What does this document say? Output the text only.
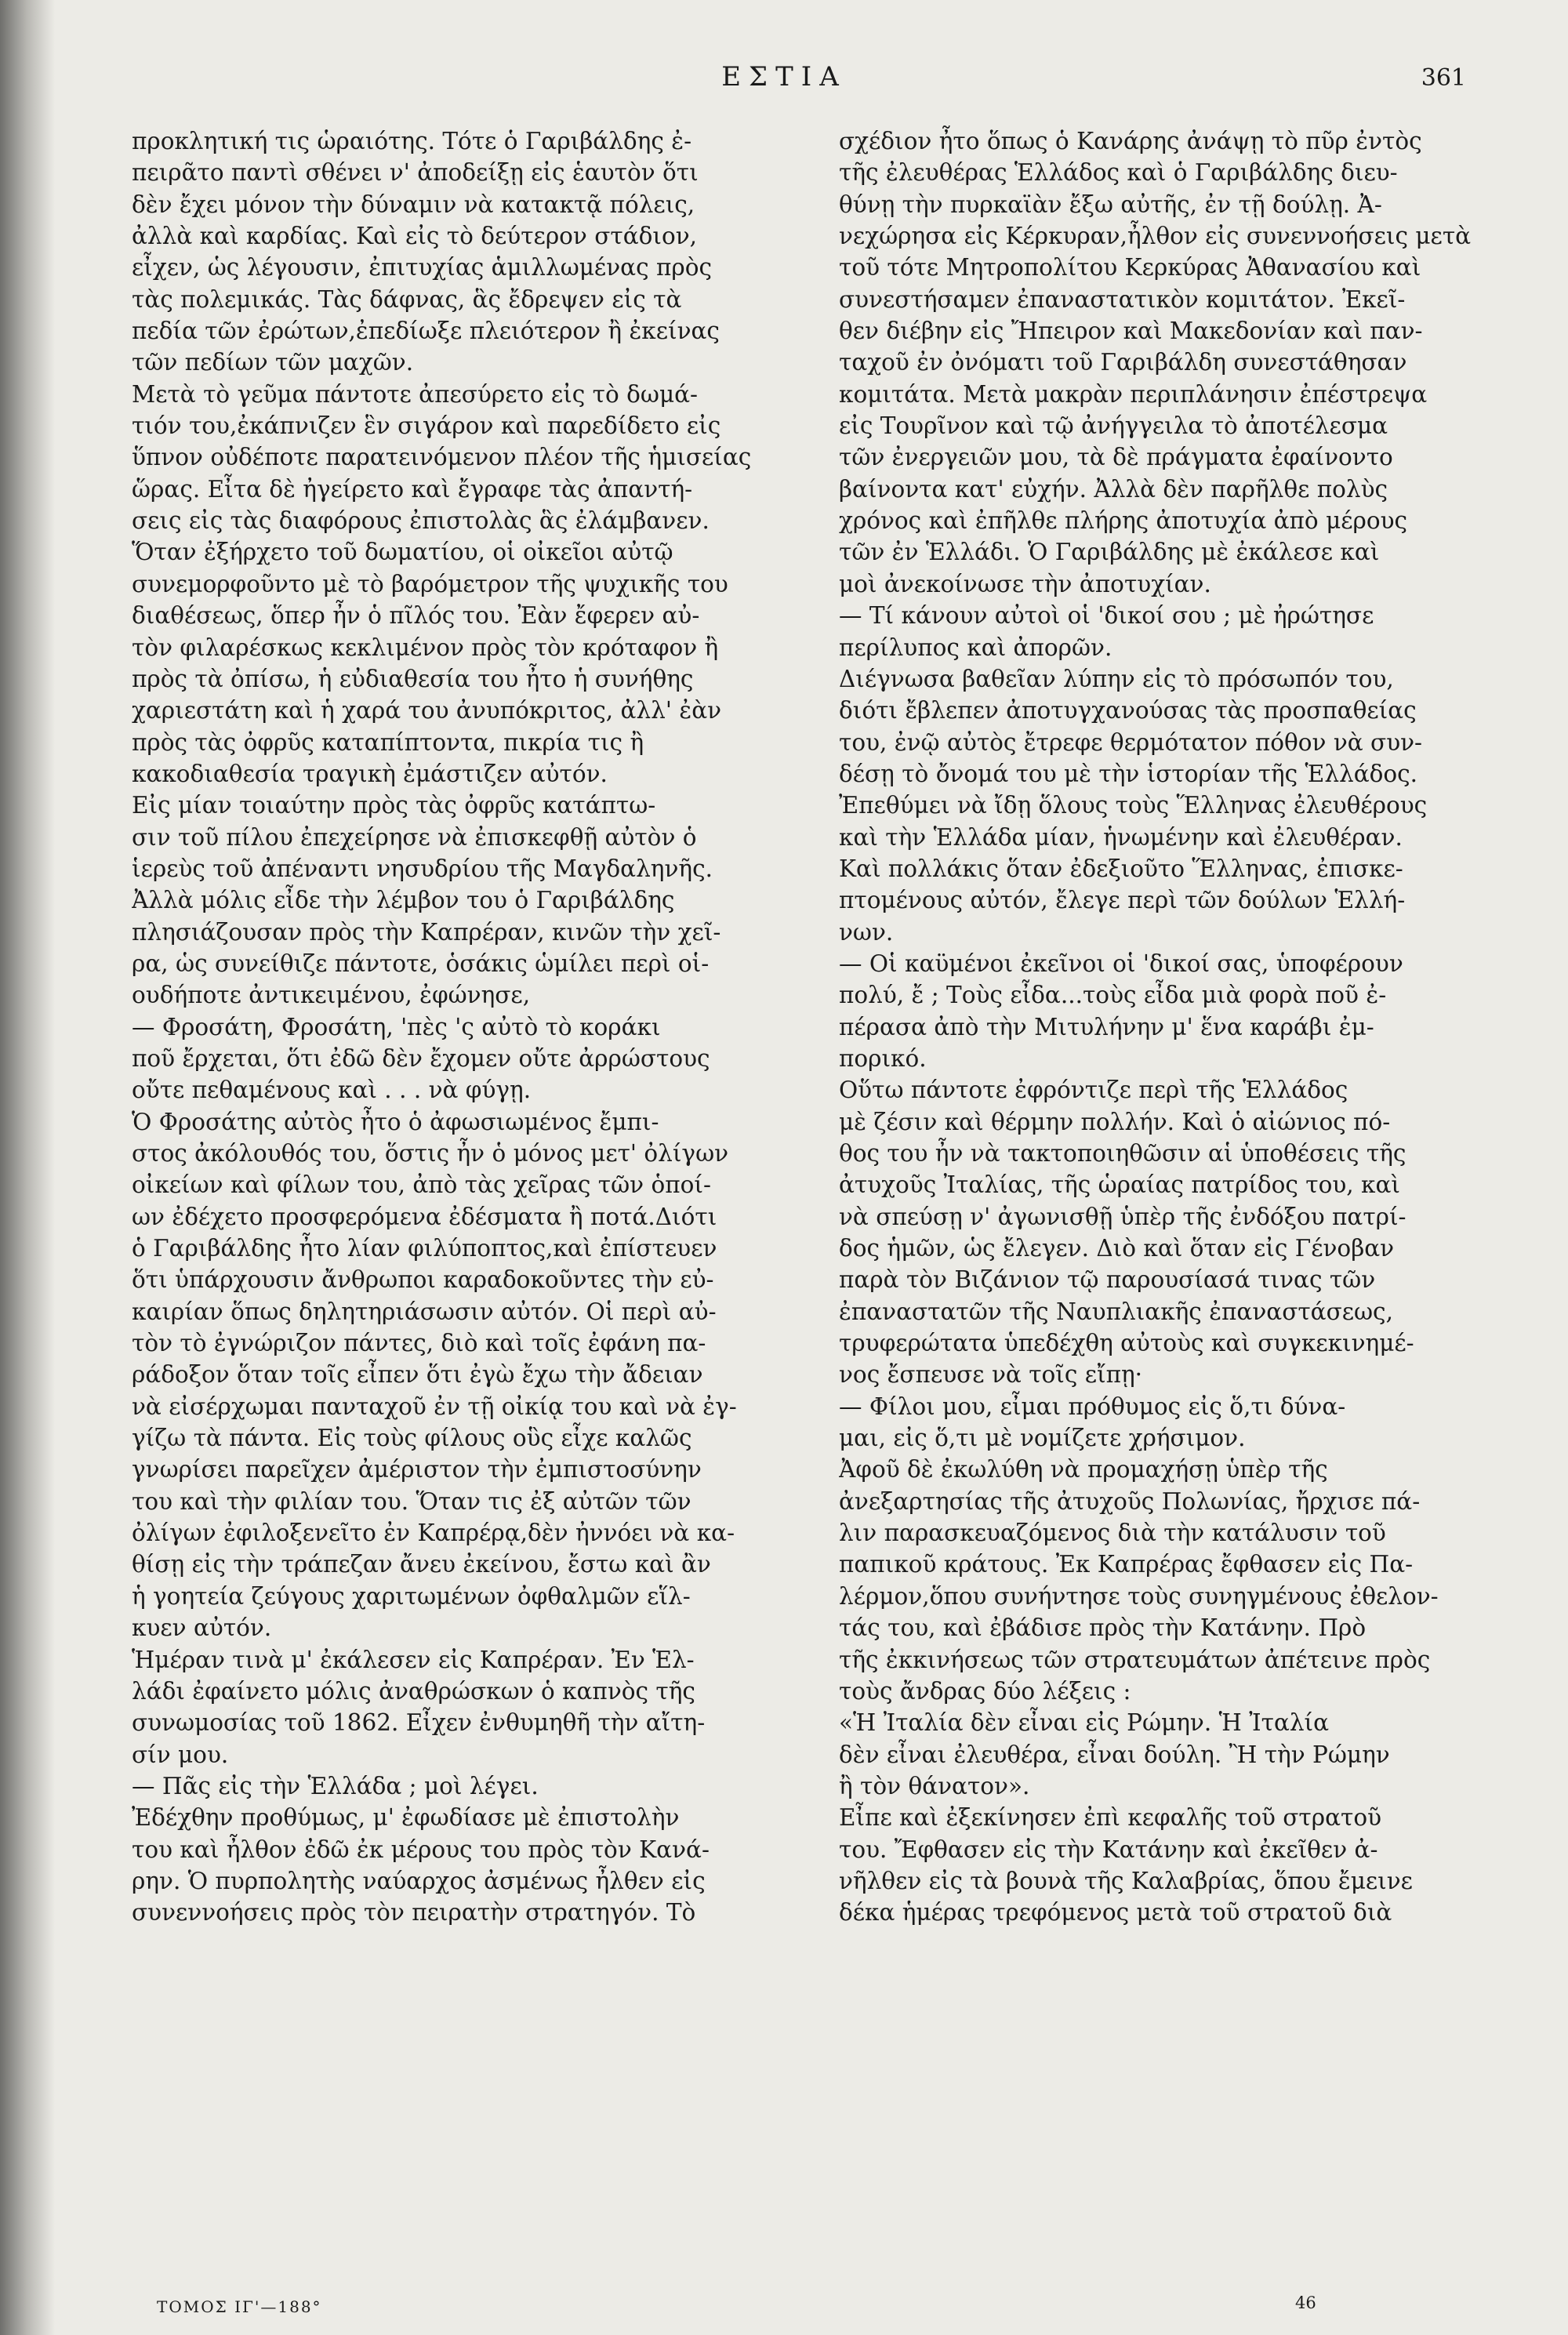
ΕΣΤΙΑ	361
προκλητική τις ὡραιότης. Τότε ὁ Γαριβάλδης ἐ-
πειρᾶτο παντὶ σθένει ν' ἀποδείξῃ εἰς ἑαυτὸν ὅτι
δὲν ἔχει μόνον τὴν δύναμιν νὰ κατακτᾷ πόλεις,
ἀλλὰ καὶ καρδίας. Καὶ εἰς τὸ δεύτερον στάδιον,
εἶχεν, ὡς λέγουσιν, ἐπιτυχίας ἁμιλλωμένας πρὸς
τὰς πολεμικάς. Τὰς δάφνας, ἃς ἔδρεψεν εἰς τὰ
πεδία τῶν ἐρώτων,ἐπεδίωξε πλειότερον ἢ ἐκείνας
τῶν πεδίων τῶν μαχῶν.
Μετὰ τὸ γεῦμα πάντοτε ἀπεσύρετο εἰς τὸ δωμά-
τιόν του,ἐκάπνιζεν ἓν σιγάρον καὶ παρεδίδετο εἰς
ὕπνον οὐδέποτε παρατεινόμενον πλέον τῆς ἡμισείας
ὥρας. Εἶτα δὲ ἠγείρετο καὶ ἔγραφε τὰς ἀπαντή-
σεις εἰς τὰς διαφόρους ἐπιστολὰς ἃς ἐλάμβανεν.
Ὅταν ἐξήρχετο τοῦ δωματίου, οἱ οἰκεῖοι αὐτῷ
συνεμορφοῦντο μὲ τὸ βαρόμετρον τῆς ψυχικῆς του
διαθέσεως, ὅπερ ἦν ὁ πῖλός του. Ἐὰν ἔφερεν αὐ-
τὸν φιλαρέσκως κεκλιμένον πρὸς τὸν κρόταφον ἢ
πρὸς τὰ ὀπίσω, ἡ εὐδιαθεσία του ἦτο ἡ συνήθης
χαριεστάτη καὶ ἡ χαρά του ἀνυπόκριτος, ἀλλ' ἐὰν
πρὸς τὰς ὀφρῦς καταπίπτοντα, πικρία τις ἢ
κακοδιαθεσία τραγικὴ ἐμάστιζεν αὐτόν.
Εἰς μίαν τοιαύτην πρὸς τὰς ὀφρῦς κατάπτω-
σιν τοῦ πίλου ἐπεχείρησε νὰ ἐπισκεφθῇ αὐτὸν ὁ
ἱερεὺς τοῦ ἀπέναντι νησυδρίου τῆς Μαγδαληνῆς.
Ἀλλὰ μόλις εἶδε τὴν λέμβον του ὁ Γαριβάλδης
πλησιάζουσαν πρὸς τὴν Καπρέραν, κινῶν τὴν χεῖ-
ρα, ὡς συνείθιζε πάντοτε, ὁσάκις ὡμίλει περὶ οἱ-
ουδήποτε ἀντικειμένου, ἐφώνησε,
— Φροσάτη, Φροσάτη, 'πὲς 'ς αὐτὸ τὸ κοράκι
ποῦ ἔρχεται, ὅτι ἐδῶ δὲν ἔχομεν οὔτε ἀρρώστους
οὔτε πεθαμένους καὶ . . . νὰ φύγῃ.
Ὁ Φροσάτης αὐτὸς ἦτο ὁ ἀφωσιωμένος ἔμπι-
στος ἀκόλουθός του, ὅστις ἦν ὁ μόνος μετ' ὀλίγων
οἰκείων καὶ φίλων του, ἀπὸ τὰς χεῖρας τῶν ὁποί-
ων ἐδέχετο προσφερόμενα ἐδέσματα ἢ ποτά.Διότι
ὁ Γαριβάλδης ἦτο λίαν φιλύποπτος,καὶ ἐπίστευεν
ὅτι ὑπάρχουσιν ἄνθρωποι καραδοκοῦντες τὴν εὐ-
καιρίαν ὅπως δηλητηριάσωσιν αὐτόν. Οἱ περὶ αὐ-
τὸν τὸ ἐγνώριζον πάντες, διὸ καὶ τοῖς ἐφάνη πα-
ράδοξον ὅταν τοῖς εἶπεν ὅτι ἐγὼ ἔχω τὴν ἄδειαν
νὰ εἰσέρχωμαι πανταχοῦ ἐν τῇ οἰκίᾳ του καὶ νὰ ἐγ-
γίζω τὰ πάντα. Εἰς τοὺς φίλους οὓς εἶχε καλῶς
γνωρίσει παρεῖχεν ἀμέριστον τὴν ἐμπιστοσύνην
του καὶ τὴν φιλίαν του. Ὅταν τις ἐξ αὐτῶν τῶν
ὀλίγων ἐφιλοξενεῖτο ἐν Καπρέρᾳ,δὲν ἠννόει νὰ κα-
θίσῃ εἰς τὴν τράπεζαν ἄνευ ἐκείνου, ἔστω καὶ ἂν
ἡ γοητεία ζεύγους χαριτωμένων ὀφθαλμῶν εἵλ-
κυεν αὐτόν.
Ἡμέραν τινὰ μ' ἐκάλεσεν εἰς Καπρέραν. Ἐν Ἑλ-
λάδι ἐφαίνετο μόλις ἀναθρώσκων ὁ καπνὸς τῆς
συνωμοσίας τοῦ 1862. Εἶχεν ἐνθυμηθῆ τὴν αἴτη-
σίν μου.
— Πᾶς εἰς τὴν Ἑλλάδα ; μοὶ λέγει.
Ἐδέχθην προθύμως, μ' ἐφωδίασε μὲ ἐπιστολὴν
του καὶ ἦλθον ἐδῶ ἐκ μέρους του πρὸς τὸν Κανά-
ρην. Ὁ πυρπολητὴς ναύαρχος ἀσμένως ἦλθεν εἰς
συνεννοήσεις πρὸς τὸν πειρατὴν στρατηγόν. Τὸ
σχέδιον ἦτο ὅπως ὁ Κανάρης ἀνάψῃ τὸ πῦρ ἐντὸς
τῆς ἐλευθέρας Ἑλλάδος καὶ ὁ Γαριβάλδης διευ-
θύνῃ τὴν πυρκαϊὰν ἔξω αὐτῆς, ἐν τῇ δούλῃ. Ἀ-
νεχώρησα εἰς Κέρκυραν,ἦλθον εἰς συνεννοήσεις μετὰ
τοῦ τότε Μητροπολίτου Κερκύρας Ἀθανασίου καὶ
συνεστήσαμεν ἐπαναστατικὸν κομιτάτον. Ἐκεῖ-
θεν διέβην εἰς Ἤπειρον καὶ Μακεδονίαν καὶ παν-
ταχοῦ ἐν ὀνόματι τοῦ Γαριβάλδη συνεστάθησαν
κομιτάτα. Μετὰ μακρὰν περιπλάνησιν ἐπέστρεψα
εἰς Τουρῖνον καὶ τῷ ἀνήγγειλα τὸ ἀποτέλεσμα
τῶν ἐνεργειῶν μου, τὰ δὲ πράγματα ἐφαίνοντο
βαίνοντα κατ' εὐχήν. Ἀλλὰ δὲν παρῆλθε πολὺς
χρόνος καὶ ἐπῆλθε πλήρης ἀποτυχία ἀπὸ μέρους
τῶν ἐν Ἑλλάδι. Ὁ Γαριβάλδης μὲ ἐκάλεσε καὶ
μοὶ ἀνεκοίνωσε τὴν ἀποτυχίαν.
— Τί κάνουν αὐτοὶ οἱ 'δικοί σου ; μὲ ἠρώτησε
περίλυπος καὶ ἀπορῶν.
Διέγνωσα βαθεῖαν λύπην εἰς τὸ πρόσωπόν του,
διότι ἔβλεπεν ἀποτυγχανούσας τὰς προσπαθείας
του, ἐνῷ αὐτὸς ἔτρεφε θερμότατον πόθον νὰ συν-
δέσῃ τὸ ὄνομά του μὲ τὴν ἱστορίαν τῆς Ἑλλάδος.
Ἐπεθύμει νὰ ἴδῃ ὅλους τοὺς Ἕλληνας ἐλευθέρους
καὶ τὴν Ἑλλάδα μίαν, ἡνωμένην καὶ ἐλευθέραν.
Καὶ πολλάκις ὅταν ἐδεξιοῦτο Ἕλληνας, ἐπισκε-
πτομένους αὐτόν, ἔλεγε περὶ τῶν δούλων Ἑλλή-
νων.
— Οἱ καϋμένοι ἐκεῖνοι οἱ 'δικοί σας, ὑποφέρουν
πολύ, ἔ ; Τοὺς εἶδα...τοὺς εἶδα μιὰ φορὰ ποῦ ἐ-
πέρασα ἀπὸ τὴν Μιτυλήνην μ' ἕνα καράβι ἐμ-
πορικό.
Οὕτω πάντοτε ἐφρόντιζε περὶ τῆς Ἑλλάδος
μὲ ζέσιν καὶ θέρμην πολλήν. Καὶ ὁ αἰώνιος πό-
θος του ἦν νὰ τακτοποιηθῶσιν αἱ ὑποθέσεις τῆς
ἀτυχοῦς Ἰταλίας, τῆς ὡραίας πατρίδος του, καὶ
νὰ σπεύσῃ ν' ἀγωνισθῇ ὑπὲρ τῆς ἐνδόξου πατρί-
δος ἡμῶν, ὡς ἔλεγεν. Διὸ καὶ ὅταν εἰς Γένοβαν
παρὰ τὸν Βιζάνιον τῷ παρουσίασά τινας τῶν
ἐπαναστατῶν τῆς Ναυπλιακῆς ἐπαναστάσεως,
τρυφερώτατα ὑπεδέχθη αὐτοὺς καὶ συγκεκινημέ-
νος ἔσπευσε νὰ τοῖς εἴπῃ·
— Φίλοι μου, εἶμαι πρόθυμος εἰς ὅ,τι δύνα-
μαι, εἰς ὅ,τι μὲ νομίζετε χρήσιμον.
Ἀφοῦ δὲ ἐκωλύθη νὰ προμαχήσῃ ὑπὲρ τῆς
ἀνεξαρτησίας τῆς ἀτυχοῦς Πολωνίας, ἤρχισε πά-
λιν παρασκευαζόμενος διὰ τὴν κατάλυσιν τοῦ
παπικοῦ κράτους. Ἐκ Καπρέρας ἔφθασεν εἰς Πα-
λέρμον,ὅπου συνήντησε τοὺς συνηγμένους ἐθελον-
τάς του, καὶ ἐβάδισε πρὸς τὴν Κατάνην. Πρὸ
τῆς ἐκκινήσεως τῶν στρατευμάτων ἀπέτεινε πρὸς
τοὺς ἄνδρας δύο λέξεις :
«Ἡ Ἰταλία δὲν εἶναι εἰς Ρώμην. Ἡ Ἰταλία
δὲν εἶναι ἐλευθέρα, εἶναι δούλη. Ἢ τὴν Ρώμην
ἢ τὸν θάνατον».
Εἶπε καὶ ἐξεκίνησεν ἐπὶ κεφαλῆς τοῦ στρατοῦ
του. Ἔφθασεν εἰς τὴν Κατάνην καὶ ἐκεῖθεν ἀ-
νῆλθεν εἰς τὰ βουνὰ τῆς Καλαβρίας, ὅπου ἔμεινε
δέκα ἡμέρας τρεφόμενος μετὰ τοῦ στρατοῦ διὰ
ΤΟΜΟΣ ΙΓ'—188°	46
